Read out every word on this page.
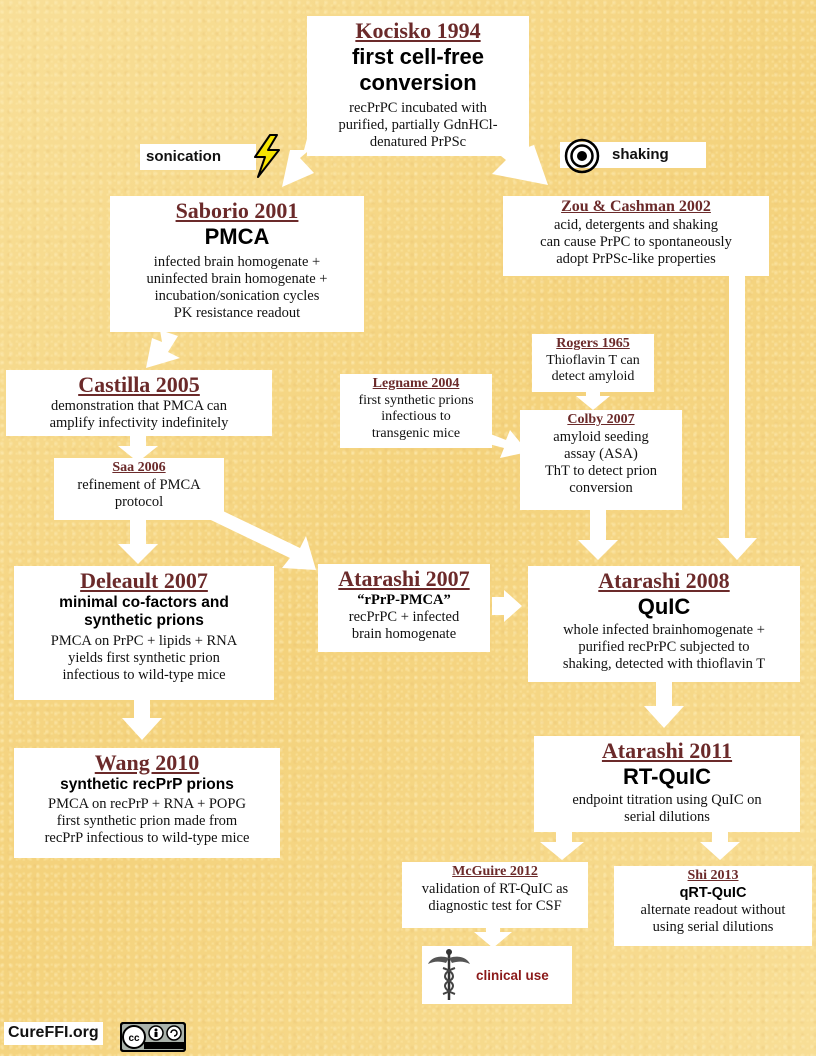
Kocisko 1994
first cell-free
conversion
recPrPC incubated with
purified, partially GdnHCl-
denatured PrPSc
sonication	shaking
Saborio 2001
PMCA
infected brain homogenate +
uninfected brain homogenate +
incubation/sonication cycles
PK resistance readout
Zou & Cashman 2002
acid, detergents and shaking
can cause PrPC to spontaneously
adopt PrPSc-like properties
Castilla 2005
demonstration that PMCA can
amplify infectivity indefinitely
Rogers 1965
Thioflavin T can
detect amyloid
Legname 2004
first synthetic prions
infectious to
transgenic mice
Colby 2007
amyloid seeding
assay (ASA)
ThT to detect prion
conversion
Saa 2006
refinement of PMCA
protocol
Deleault 2007
minimal co-factors and
synthetic prions
PMCA on PrPC + lipids + RNA
yields first synthetic prion
infectious to wild-type mice
Atarashi 2007
“rPrP-PMCA”
recPrPC + infected
brain homogenate
Atarashi 2008
QuIC
whole infected brainhomogenate +
purified recPrPC subjected to
shaking, detected with thioflavin T
Wang 2010
synthetic recPrP prions
PMCA on recPrP + RNA + POPG
first synthetic prion made from
recPrP infectious to wild-type mice
Atarashi 2011
RT-QuIC
endpoint titration using QuIC on
serial dilutions
McGuire 2012
validation of RT-QuIC as
diagnostic test for CSF
Shi 2013
qRT-QuIC
alternate readout without
using serial dilutions
clinical use
CureFFI.org	cc
